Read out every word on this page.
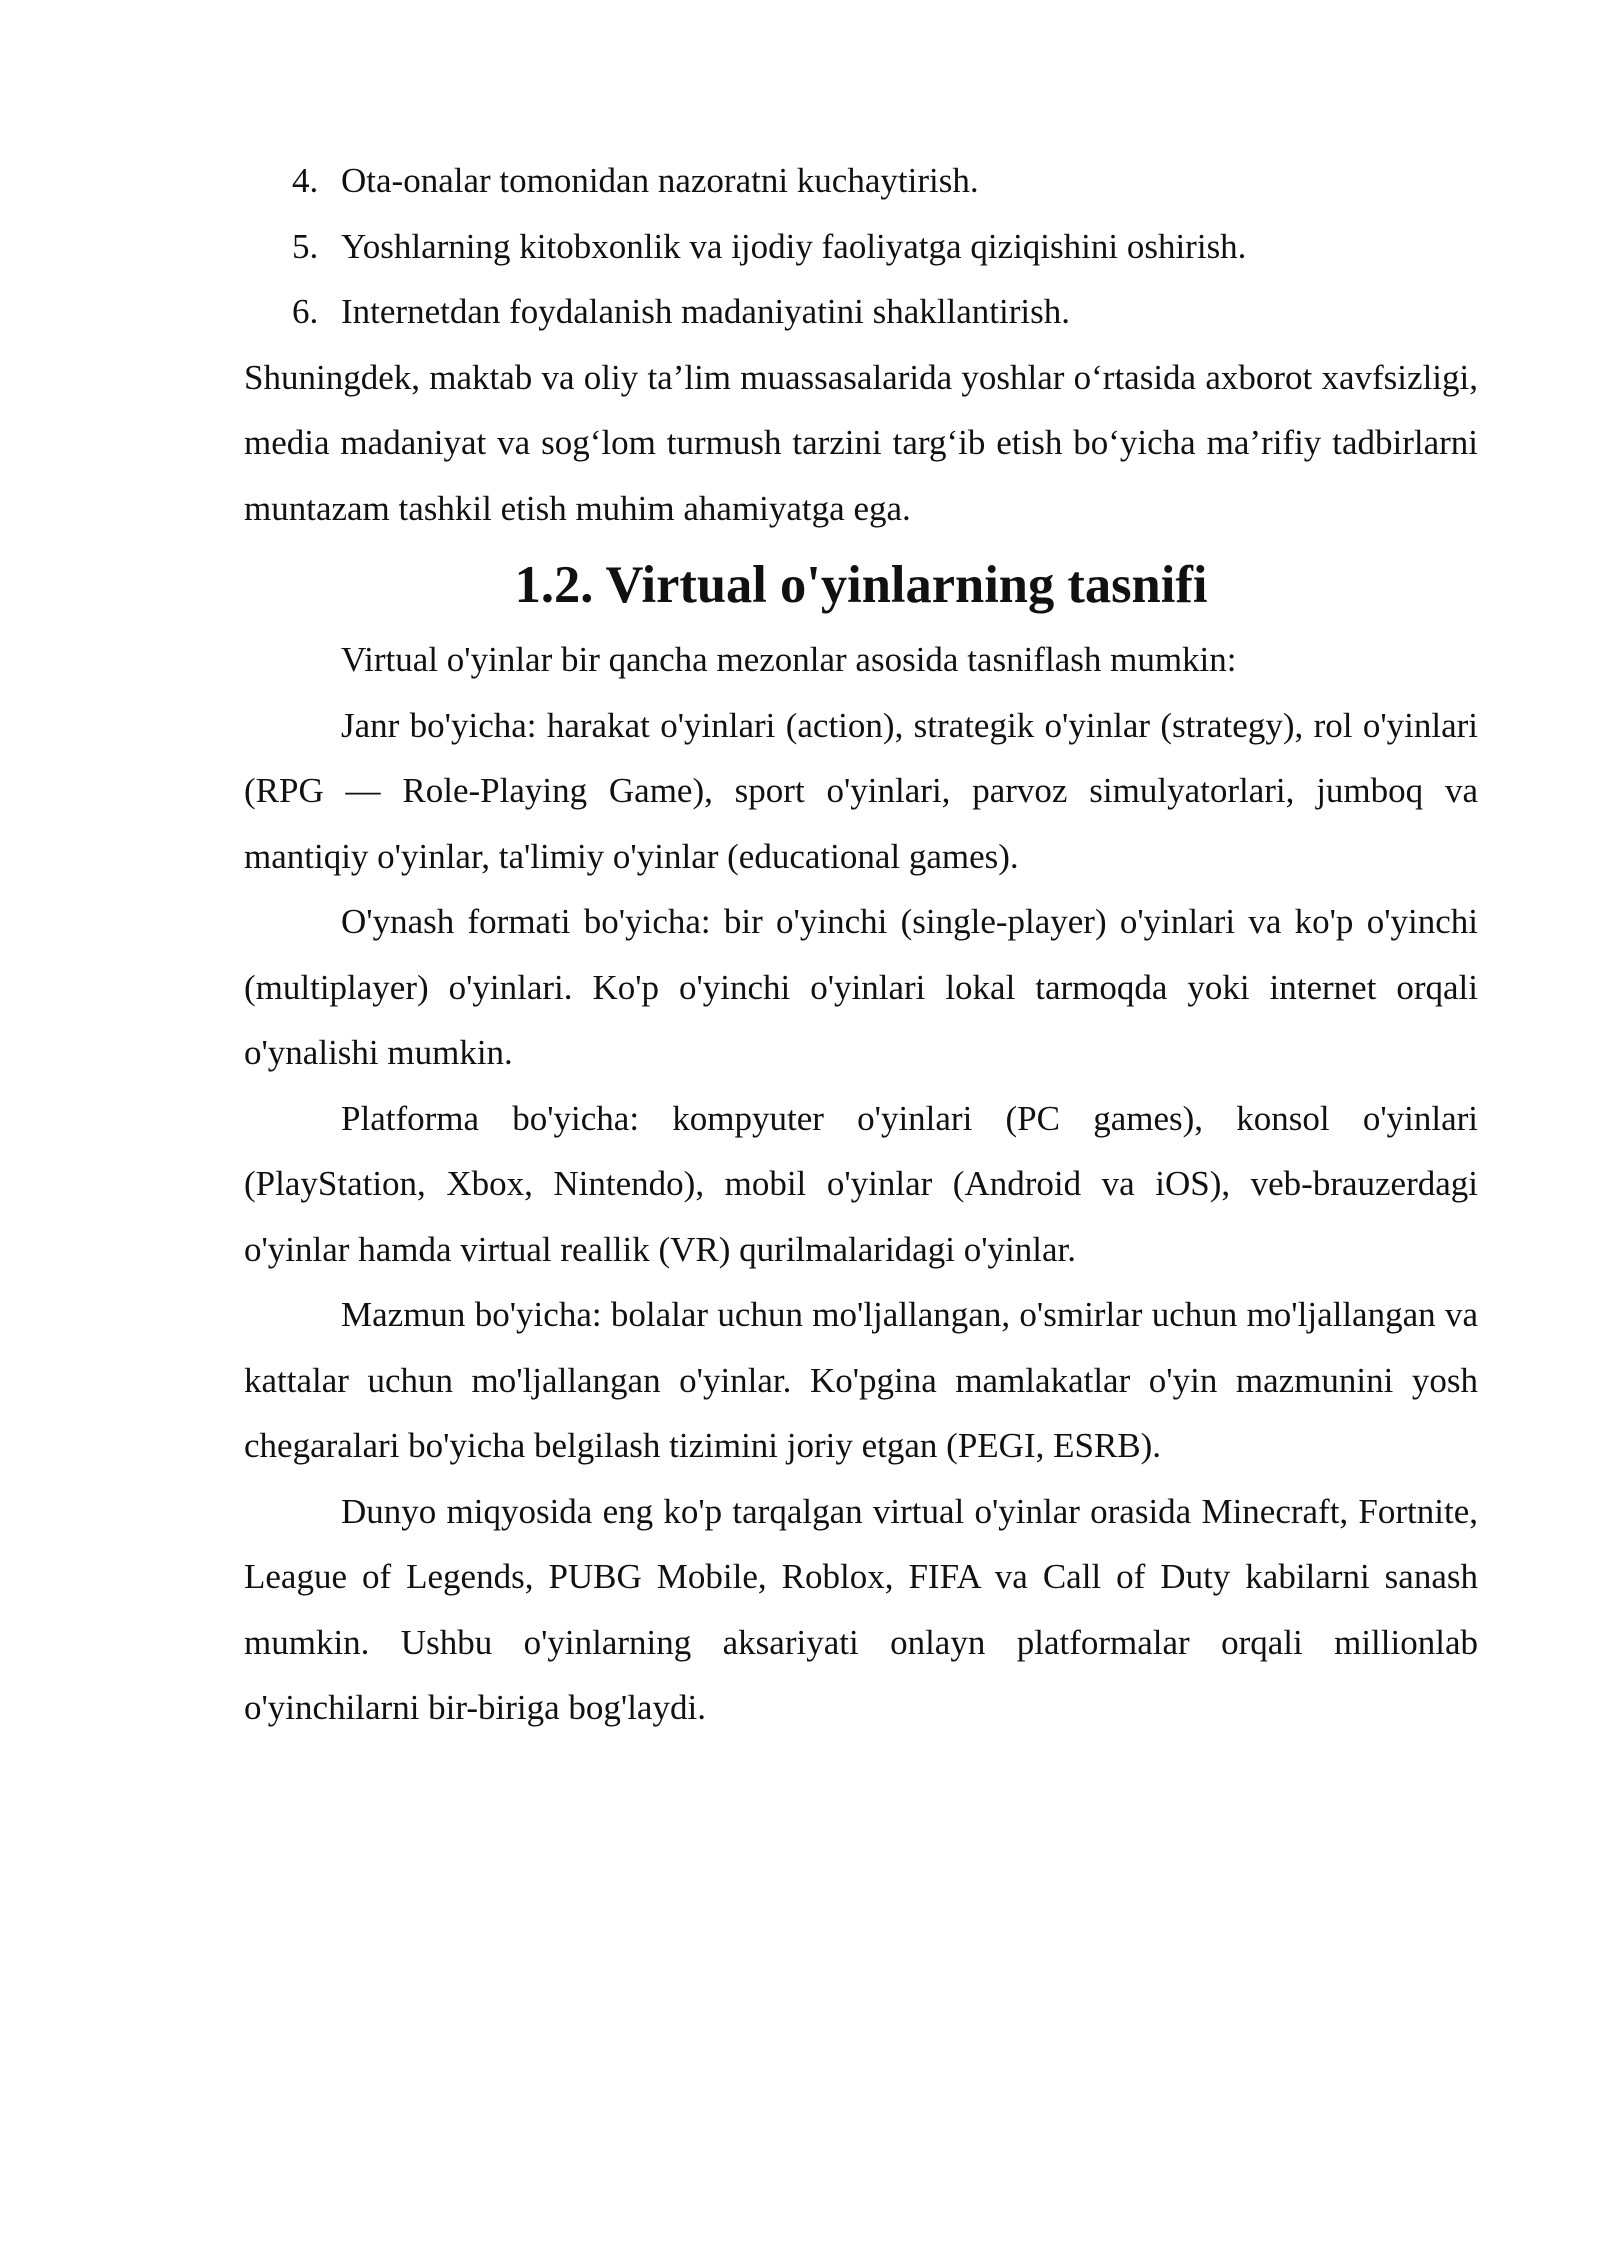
4. Ota-onalar tomonidan nazoratni kuchaytirish.
5. Yoshlarning kitobxonlik va ijodiy faoliyatga qiziqishini oshirish.
6. Internetdan foydalanish madaniyatini shakllantirish.

Shuningdek, maktab va oliy ta’lim muassasalarida yoshlar o‘rtasida axborot xavfsizligi, media madaniyat va sog‘lom turmush tarzini targ‘ib etish bo‘yicha ma’rifiy tadbirlarni muntazam tashkil etish muhim ahamiyatga ega.

1.2. Virtual o'yinlarning tasnifi

Virtual o'yinlar bir qancha mezonlar asosida tasniflash mumkin:

Janr bo'yicha: harakat o'yinlari (action), strategik o'yinlar (strategy), rol o'yinlari (RPG — Role-Playing Game), sport o'yinlari, parvoz simulyatorlari, jumboq va mantiqiy o'yinlar, ta'limiy o'yinlar (educational games).

O'ynash formati bo'yicha: bir o'yinchi (single-player) o'yinlari va ko'p o'yinchi (multiplayer) o'yinlari. Ko'p o'yinchi o'yinlari lokal tarmoqda yoki internet orqali o'ynalishi mumkin.

Platforma bo'yicha: kompyuter o'yinlari (PC games), konsol o'yinlari (PlayStation, Xbox, Nintendo), mobil o'yinlar (Android va iOS), veb-brauzerdagi o'yinlar hamda virtual reallik (VR) qurilmalaridagi o'yinlar.

Mazmun bo'yicha: bolalar uchun mo'ljallangan, o'smirlar uchun mo'ljallangan va kattalar uchun mo'ljallangan o'yinlar. Ko'pgina mamlakatlar o'yin mazmunini yosh chegaralari bo'yicha belgilash tizimini joriy etgan (PEGI, ESRB).

Dunyo miqyosida eng ko'p tarqalgan virtual o'yinlar orasida Minecraft, Fortnite, League of Legends, PUBG Mobile, Roblox, FIFA va Call of Duty kabilarni sanash mumkin. Ushbu o'yinlarning aksariyati onlayn platformalar orqali millionlab o'yinchilarni bir-biriga bog'laydi.
